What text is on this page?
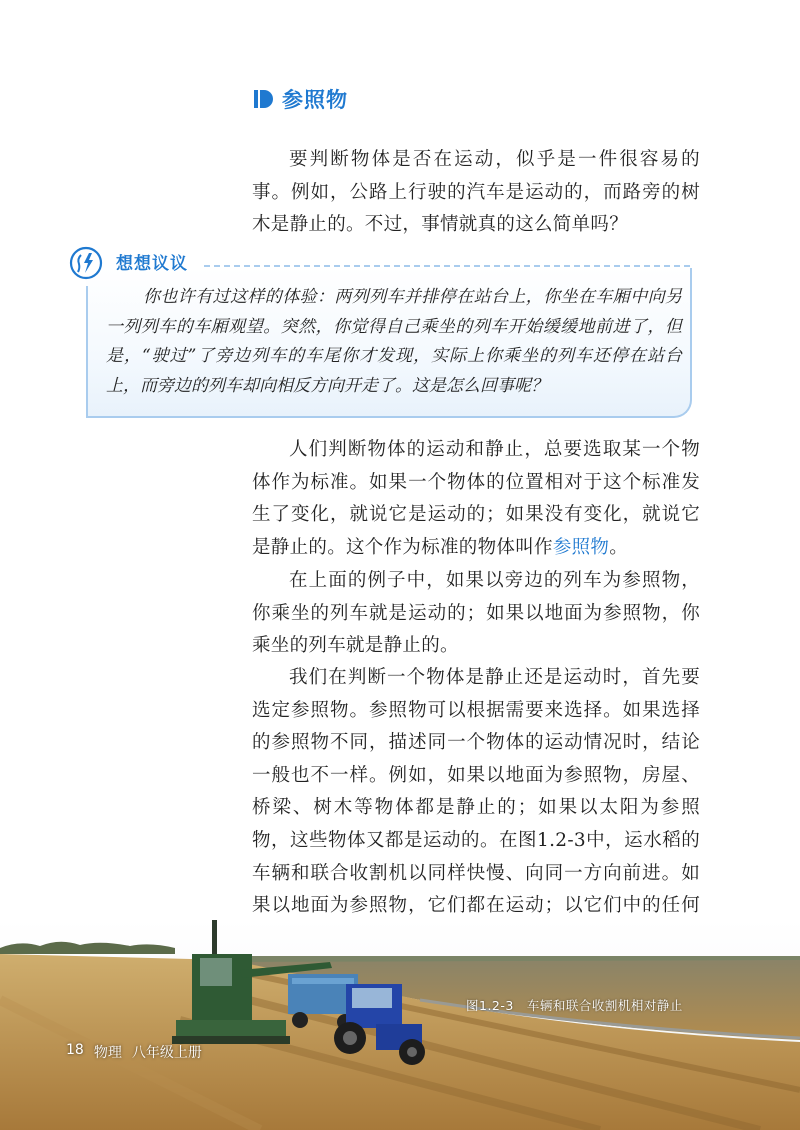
参照物

要判断物体是否在运动，似乎是一件很容易的事。例如，公路上行驶的汽车是运动的，而路旁的树木是静止的。不过，事情就真的这么简单吗？

想想议议

你也许有过这样的体验：两列列车并排停在站台上，你坐在车厢中向另一列列车的车厢观望。突然，你觉得自己乘坐的列车开始缓缓地前进了，但是，“驶过”了旁边列车的车尾你才发现，实际上你乘坐的列车还停在站台上，而旁边的列车却向相反方向开走了。这是怎么回事呢？

人们判断物体的运动和静止，总要选取某一个物体作为标准。如果一个物体的位置相对于这个标准发生了变化，就说它是运动的；如果没有变化，就说它是静止的。这个作为标准的物体叫作参照物。

在上面的例子中，如果以旁边的列车为参照物，你乘坐的列车就是运动的；如果以地面为参照物，你乘坐的列车就是静止的。

我们在判断一个物体是静止还是运动时，首先要选定参照物。参照物可以根据需要来选择。如果选择的参照物不同，描述同一个物体的运动情况时，结论一般也不一样。例如，如果以地面为参照物，房屋、桥梁、树木等物体都是静止的；如果以太阳为参照物，这些物体又都是运动的。在图1.2-3中，运水稻的车辆和联合收割机以同样快慢、向同一方向前进。如果以地面为参照物，它们都在运动；以它们中的任何

图1.2-3　车辆和联合收割机相对静止
18 物理 八年级上册
